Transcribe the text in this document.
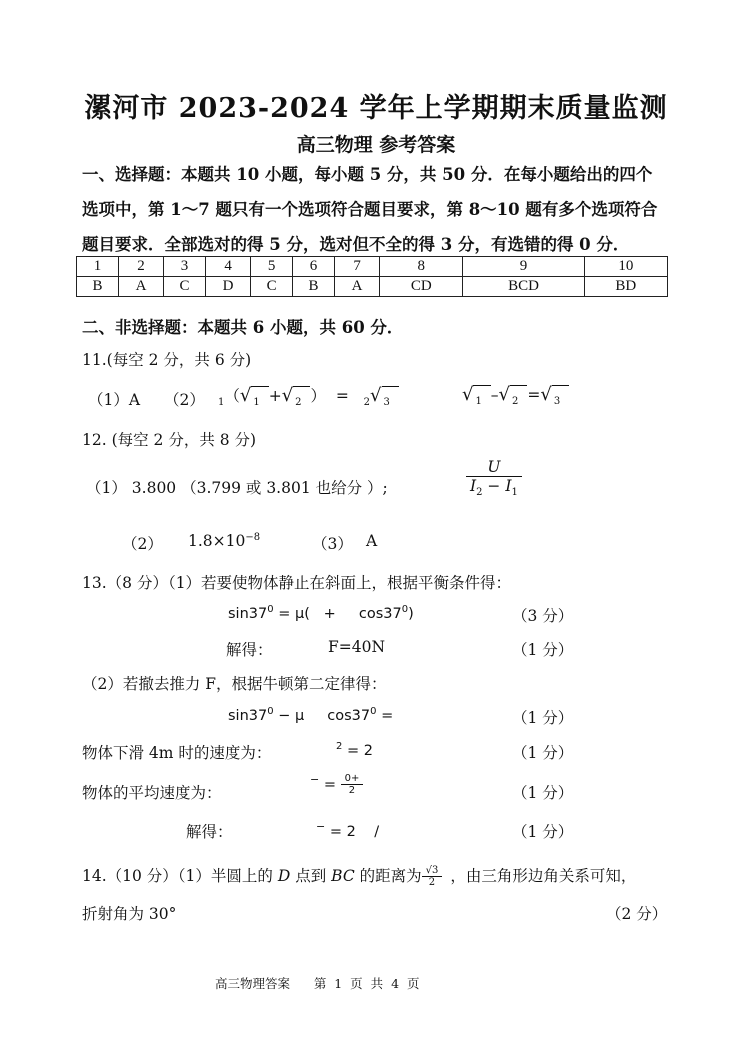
漯河市 2023-2024 学年上学期期末质量监测
高三物理 参考答案
一、选择题：本题共 10 小题，每小题 5 分，共 50 分．在每小题给出的四个
选项中，第 1～7 题只有一个选项符合题目要求，第 8～10 题有多个选项符合
题目要求．全部选对的得 5 分，选对但不全的得 3 分，有选错的得 0 分．
1	2	3	4	5	6	7	8	9	10
B	A	C	D	C	B	A	CD	BCD	BD
二、非选择题：本题共 6 小题，共 60 分．
11.(每空 2 分，共 6 分)
（1）A （2） $_1$（√ $_1$ +√ $_2$ ） = $_2$√ $_3$	√ $_1$ –√ $_2$ =√ $_3$
12. (每空 2 分，共 8 分)
（1） 3.800 （3.799 或 3.801 也给分 ）;	$\frac{U}{I_2 - I_1}$
（2） $1.8\times 10^{-8}$	（3） A
13.（8 分）（1）若要使物体静止在斜面上，根据平衡条件得：
$\sin 37^0 = \mu$(   +     $\cos 37^0$)	（3 分）
解得：	F=40N	（1 分）
（2）若撤去推力 F，根据牛顿第二定律得：
$\sin 37^0 - \mu$     $\cos 37^0$ =	（1 分）
物体下滑 4m 时的速度为：	$^2$ = 2	（1 分）
物体的平均速度为：
$^- = \frac{0+}{2}$	（1 分）
解得：	− = 2    /	（1 分）
14.（10 分）（1）半圆上的 D 点到 BC 的距离为 $\frac{√3}{2}$ ，由三角形边角关系可知，
折射角为 30°	（2 分）
高三物理答案      第  1  页  共  4  页
